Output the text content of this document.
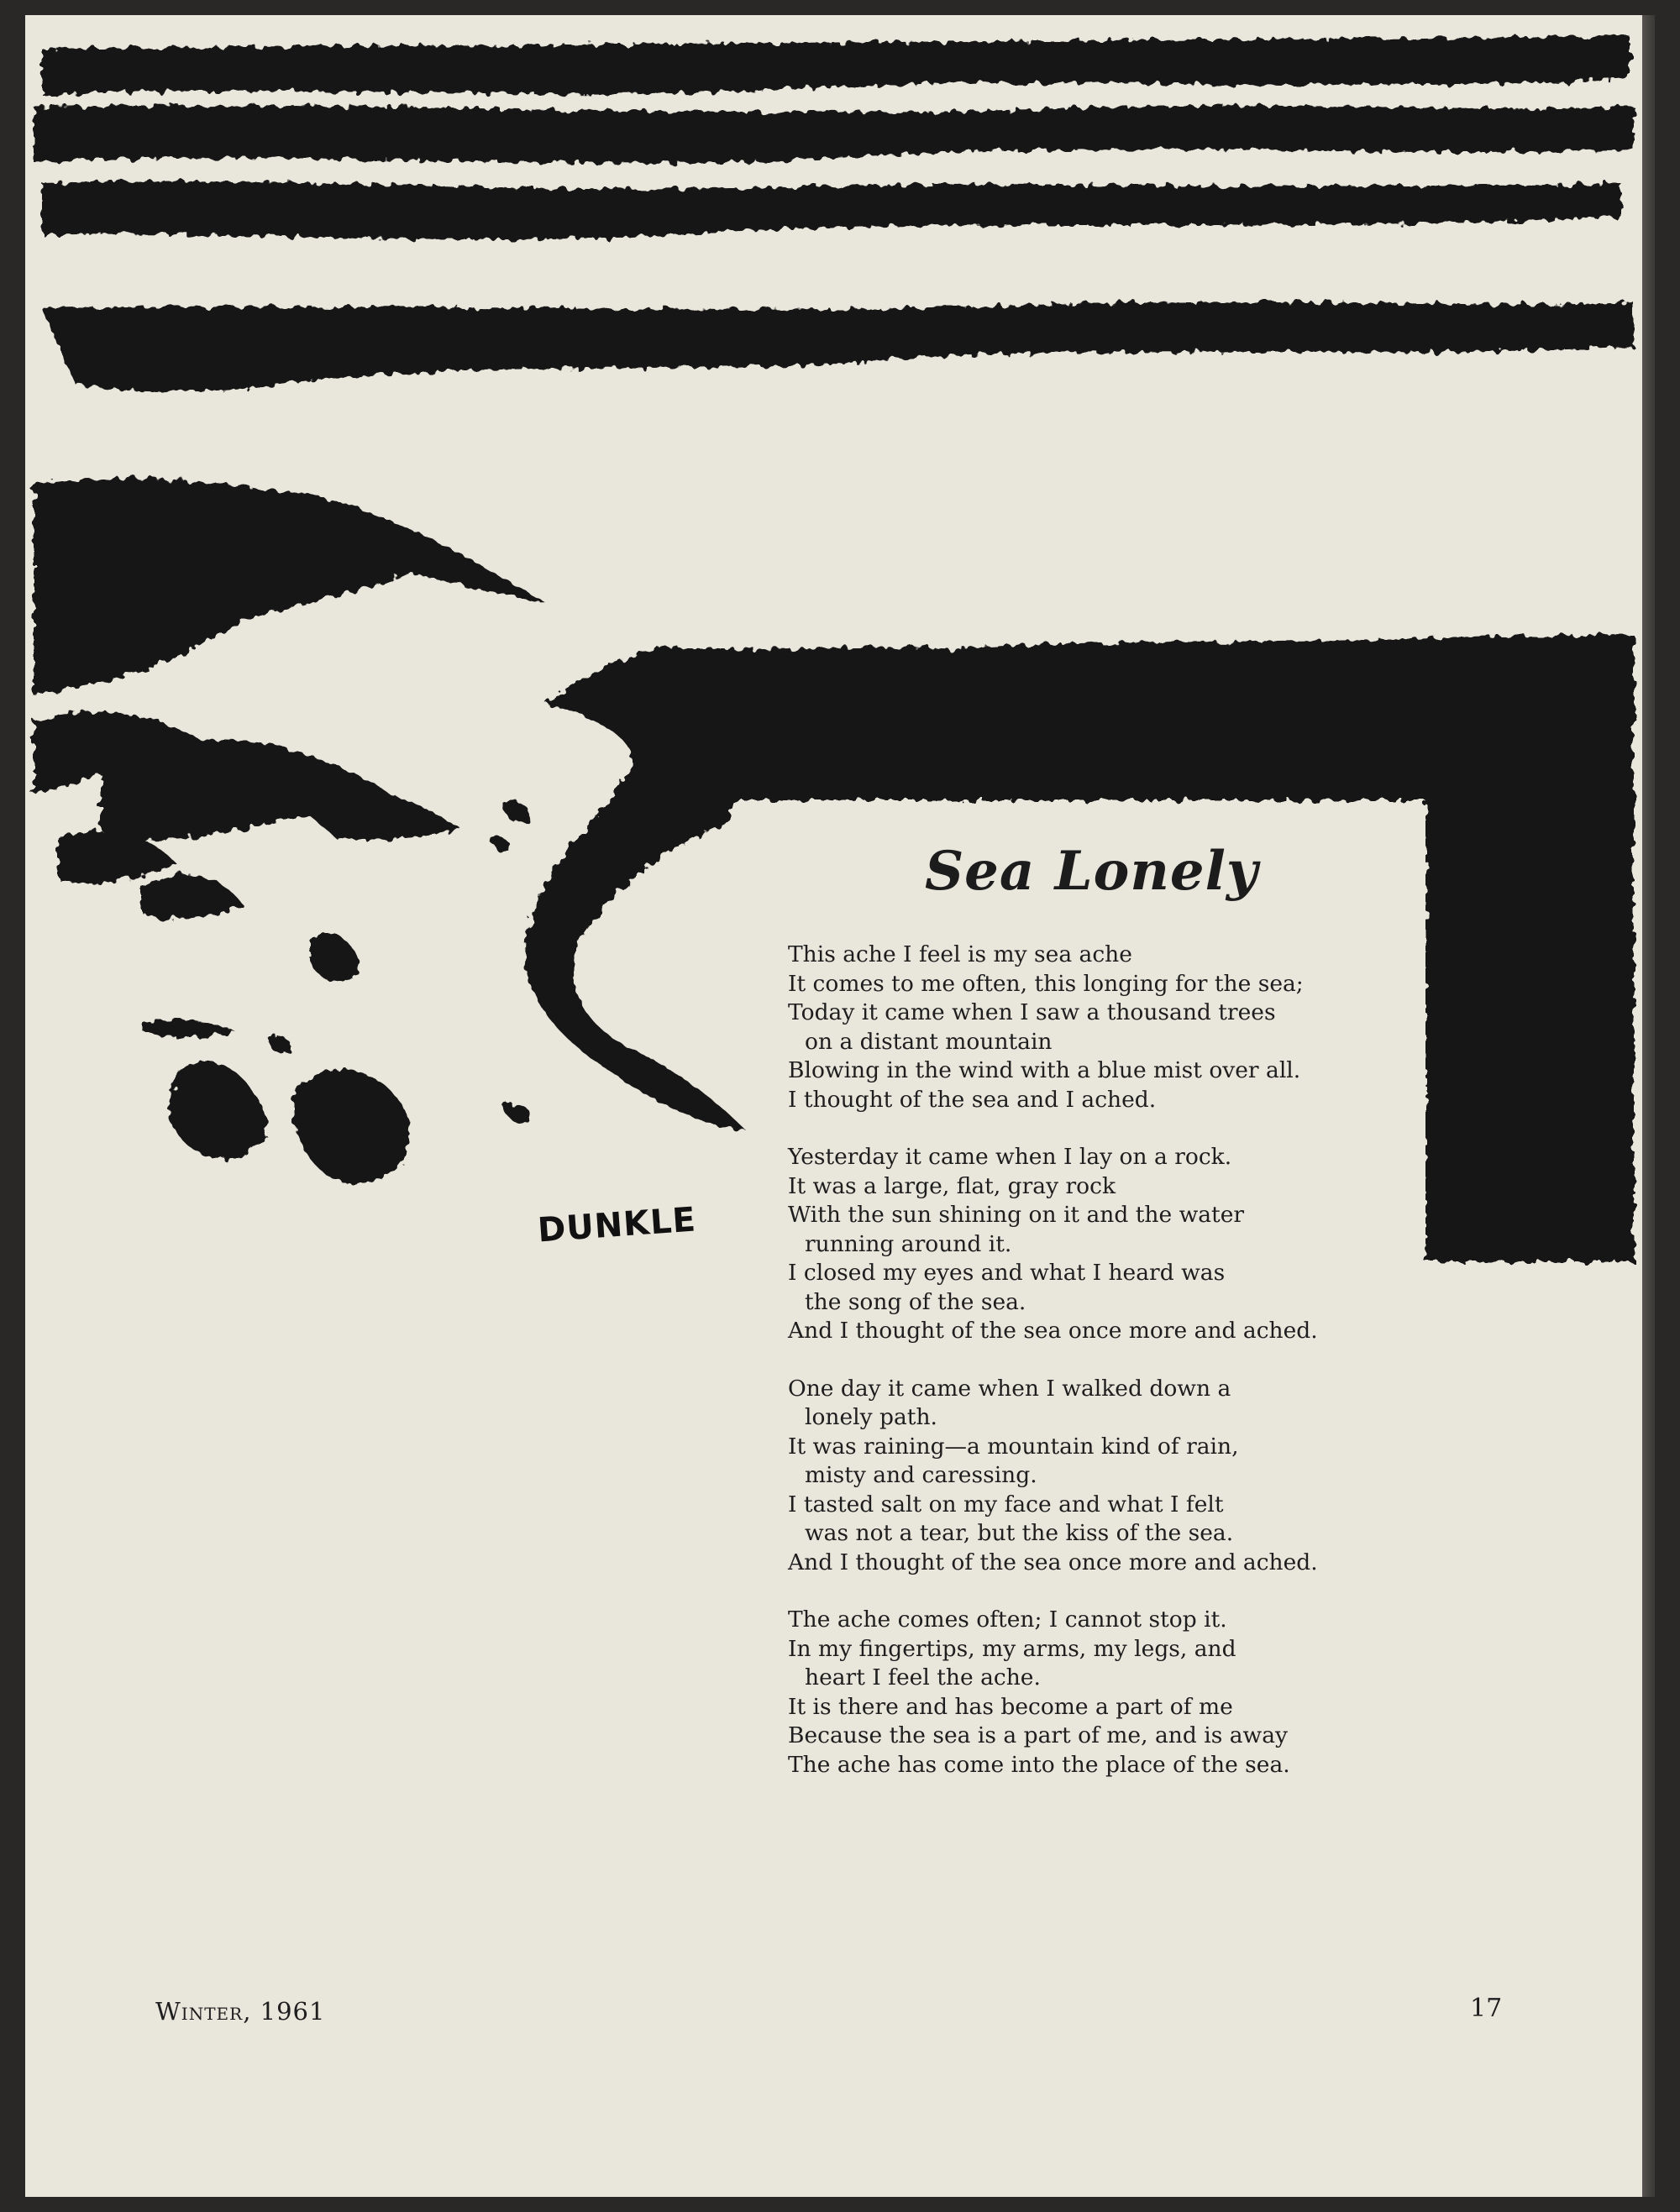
DUNKLE
Sea Lonely
This ache I feel is my sea ache
It comes to me often, this longing for the sea;
Today it came when I saw a thousand trees
on a distant mountain
Blowing in the wind with a blue mist over all.
I thought of the sea and I ached.
Yesterday it came when I lay on a rock.
It was a large, flat, gray rock
With the sun shining on it and the water
running around it.
I closed my eyes and what I heard was
the song of the sea.
And I thought of the sea once more and ached.
One day it came when I walked down a
lonely path.
It was raining—a mountain kind of rain,
misty and caressing.
I tasted salt on my face and what I felt
was not a tear, but the kiss of the sea.
And I thought of the sea once more and ached.
The ache comes often; I cannot stop it.
In my fingertips, my arms, my legs, and
heart I feel the ache.
It is there and has become a part of me
Because the sea is a part of me, and is away
The ache has come into the place of the sea.
Winter, 1961	17
